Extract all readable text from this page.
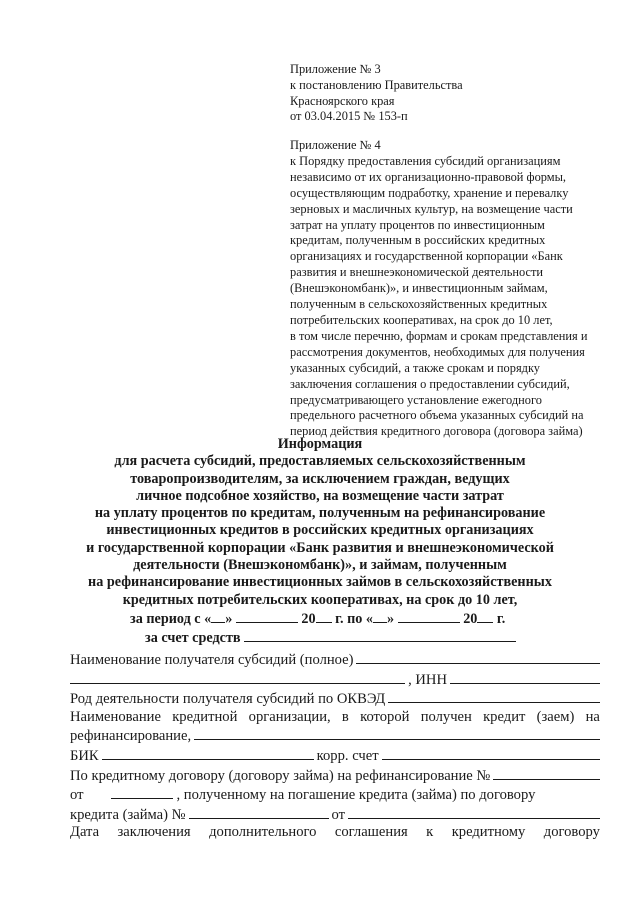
Приложение № 3
к постановлению Правительства
Красноярского края
от 03.04.2015 № 153-п
Приложение № 4
к Порядку предоставления субсидий организациям
независимо от их организационно-правовой формы,
осуществляющим подработку, хранение и перевалку
зерновых и масличных культур, на возмещение части
затрат на уплату процентов по инвестиционным
кредитам, полученным в российских кредитных
организациях и государственной корпорации «Банк
развития и внешнеэкономической деятельности
(Внешэкономбанк)», и инвестиционным займам,
полученным в сельскохозяйственных кредитных
потребительских кооперативах, на срок до 10 лет,
в том числе перечню, формам и срокам представления и
рассмотрения документов, необходимых для получения
указанных субсидий, а также срокам и порядку
заключения соглашения о предоставлении субсидий,
предусматривающего установление ежегодного
предельного расчетного объема указанных субсидий на
период действия кредитного договора (договора займа)
Информация
для расчета субсидий, предоставляемых сельскохозяйственным
товаропроизводителям, за исключением граждан, ведущих
личное подсобное хозяйство, на возмещение части затрат
на уплату процентов по кредитам, полученным на рефинансирование
инвестиционных кредитов в российских кредитных организациях
и государственной корпорации «Банк развития и внешнеэкономической
деятельности (Внешэкономбанк)», и займам, полученным
на рефинансирование инвестиционных займов в сельскохозяйственных
кредитных потребительских кооперативах, на срок до 10 лет,
за период с « »	20 г. по « »	20 г.
за счет средств
Наименование получателя субсидий (полное)
, ИНН
Род деятельности получателя субсидий по ОКВЭД
Наименование кредитной организации, в которой получен кредит (заем) на
рефинансирование,
БИК	корр. счет
По кредитному договору (договору займа) на рефинансирование №
от	, полученному на погашение кредита (займа) по договору
кредита (займа) №	от
Дата заключения дополнительного соглашения к кредитному договору
